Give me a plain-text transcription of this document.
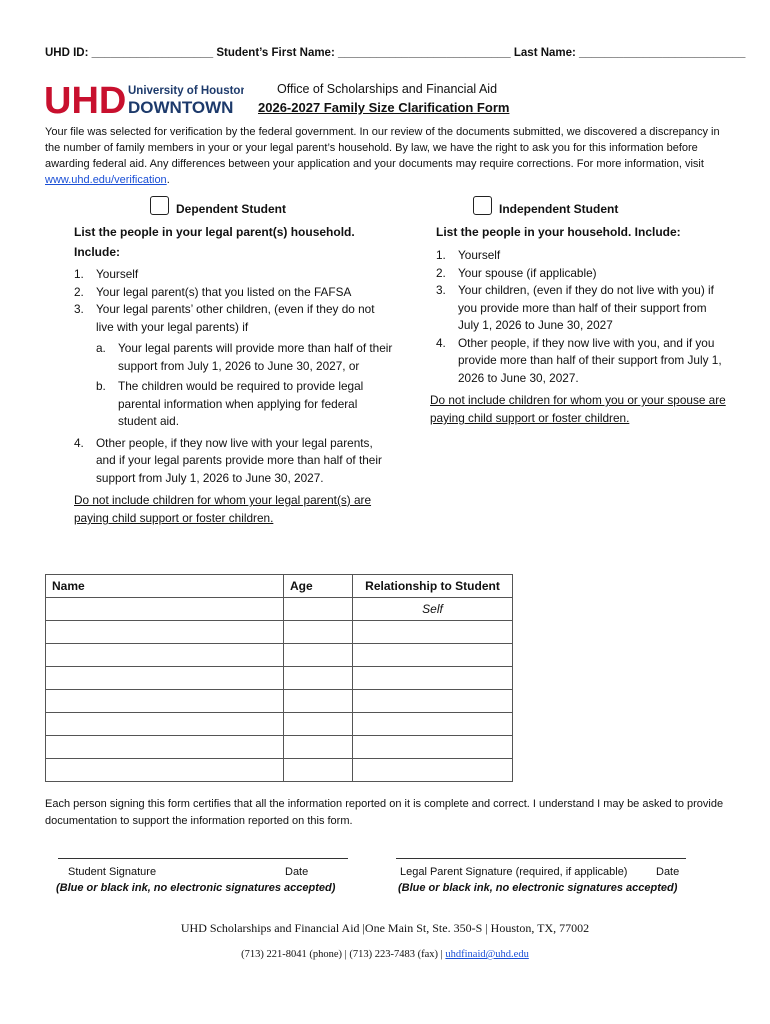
UHD ID: ___________________ Student’s First Name: ___________________________ Last Name: __________________________
UHD University of Houston
DOWNTOWN
Office of Scholarships and Financial Aid
2026-2027 Family Size Clarification Form
Your file was selected for verification by the federal government. In our review of the documents submitted, we discovered a discrepancy in the number of family members in your or your legal parent’s household. By law, we have the right to ask you for this information before awarding federal aid. Any differences between your application and your documents may require corrections. For more information, visit www.uhd.edu/verification.
Dependent Student
List the people in your legal parent(s) household.
Include:
1. Yourself
2. Your legal parent(s) that you listed on the FAFSA
3. Your legal parents’ other children, (even if they do not live with your legal parents) if
a. Your legal parents will provide more than half of their support from July 1, 2026 to June 30, 2027, or
b. The children would be required to provide legal parental information when applying for federal student aid.
4. Other people, if they now live with your legal parents, and if your legal parents provide more than half of their support from July 1, 2026 to June 30, 2027.
Do not include children for whom your legal parent(s) are paying child support or foster children.
Independent Student
List the people in your household. Include:
1. Yourself
2. Your spouse (if applicable)
3. Your children, (even if they do not live with you) if you provide more than half of their support from July 1, 2026 to June 30, 2027
4. Other people, if they now live with you, and if you provide more than half of their support from July 1, 2026 to June 30, 2027.
Do not include children for whom you or your spouse are paying child support or foster children.
Name	Age	Relationship to Student
		Self

Each person signing this form certifies that all the information reported on it is complete and correct. I understand I may be asked to provide documentation to support the information reported on this form.
Student Signature	Date
(Blue or black ink, no electronic signatures accepted)
Legal Parent Signature (required, if applicable)	Date
(Blue or black ink, no electronic signatures accepted)
UHD Scholarships and Financial Aid |One Main St, Ste. 350-S | Houston, TX, 77002
(713) 221-8041 (phone) | (713) 223-7483 (fax) | uhdfinaid@uhd.edu
